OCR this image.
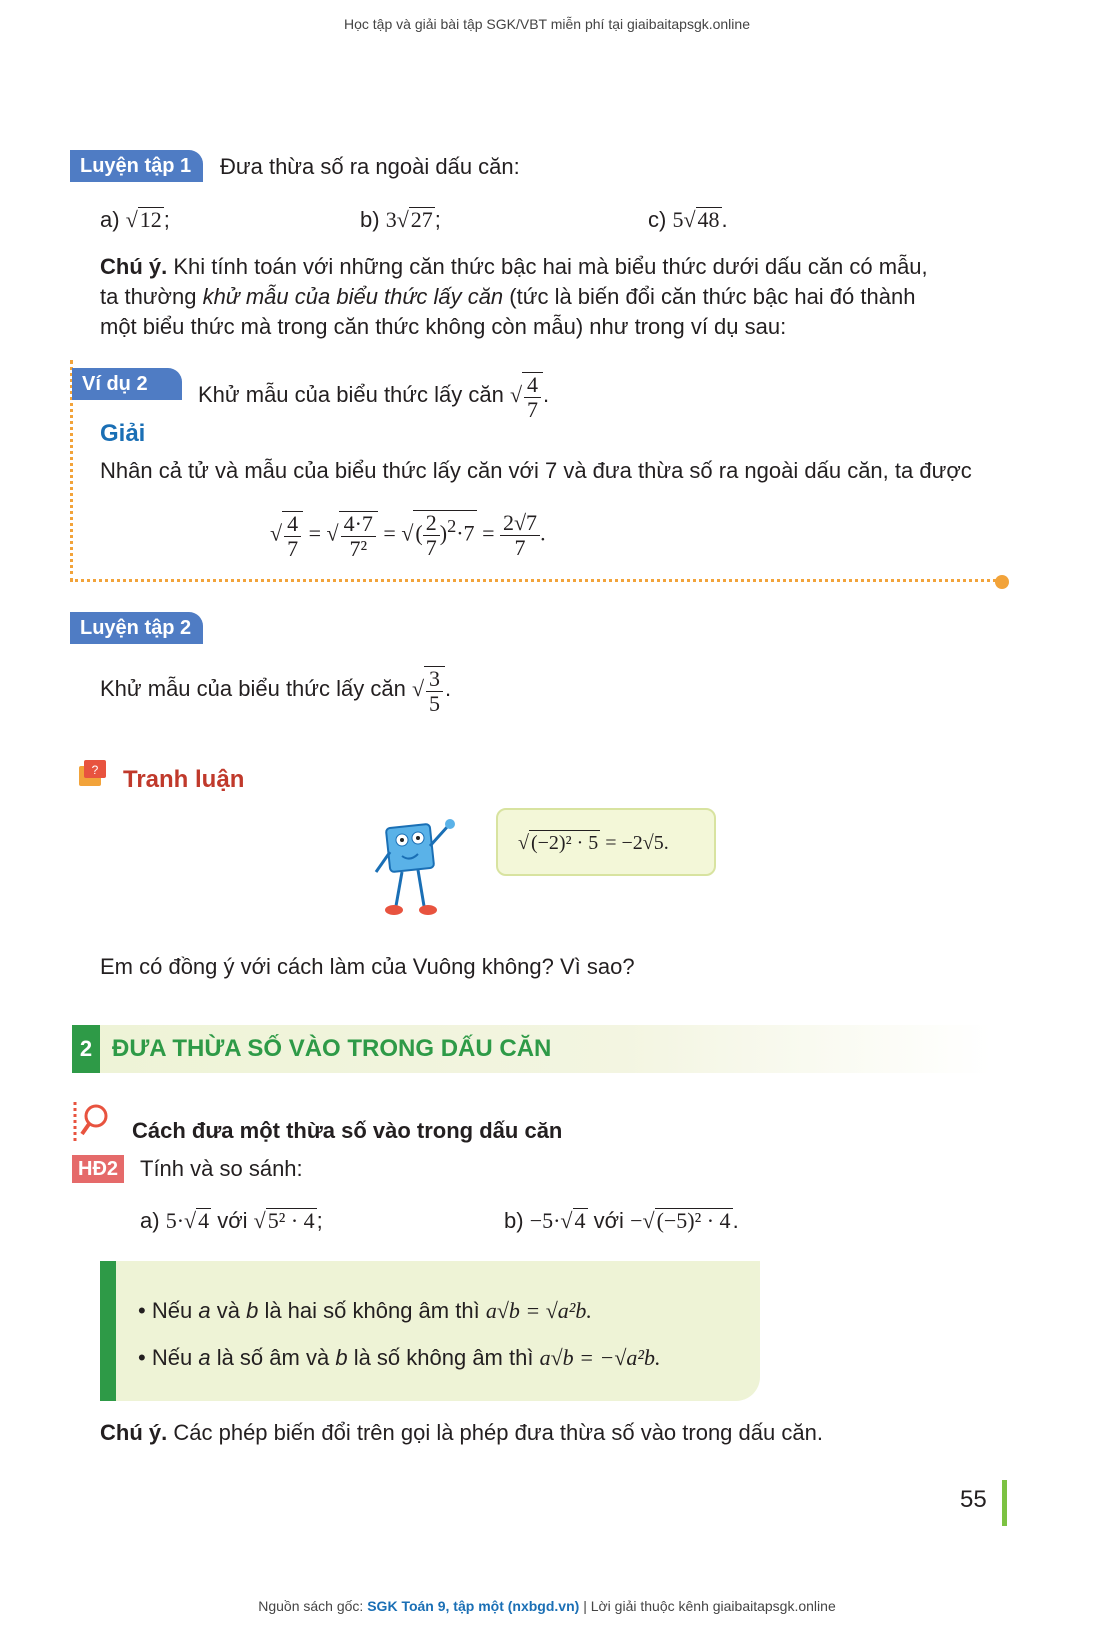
Học tập và giải bài tập SGK/VBT miễn phí tại giaibaitapsgk.online
Luyện tập 1	Đưa thừa số ra ngoài dấu căn:
a) √12;	b) 3√27;	c) 5√48.
Chú ý. Khi tính toán với những căn thức bậc hai mà biểu thức dưới dấu căn có mẫu,
ta thường khử mẫu của biểu thức lấy căn (tức là biến đổi căn thức bậc hai đó thành
một biểu thức mà trong căn thức không còn mẫu) như trong ví dụ sau:
Ví dụ 2	Khử mẫu của biểu thức lấy căn √ $\frac{4}{7}$ .
Giải
Nhân cả tử và mẫu của biểu thức lấy căn với 7 và đưa thừa số ra ngoài dấu căn, ta được
√ $\frac{4}{7}$ = √ $\frac{4\cdot 7}{\text{7²}}$ = √( $\frac{2}{7} )^2\cdot 7 = \frac{2√7}{7}$ .
Luyện tập 2
Khử mẫu của biểu thức lấy căn √ $\frac{3}{5}$ .
? Tranh luận
√ (−2)² · 5 = −2√5.
Em có đồng ý với cách làm của Vuông không? Vì sao?
2 ĐƯA THỪA SỐ VÀO TRONG DẤU CĂN
Cách đưa một thừa số vào trong dấu căn
HĐ2 Tính và so sánh:
a) 5·√4 với √5² · 4;	b) −5·√4 với −√(−5)² · 4.
• Nếu a và b là hai số không âm thì a√b = √a²b.
• Nếu a là số âm và b là số không âm thì a√b = −√a²b.
Chú ý. Các phép biến đổi trên gọi là phép đưa thừa số vào trong dấu căn.
55
Nguồn sách gốc: SGK Toán 9, tập một (nxbgd.vn) | Lời giải thuộc kênh giaibaitapsgk.online
